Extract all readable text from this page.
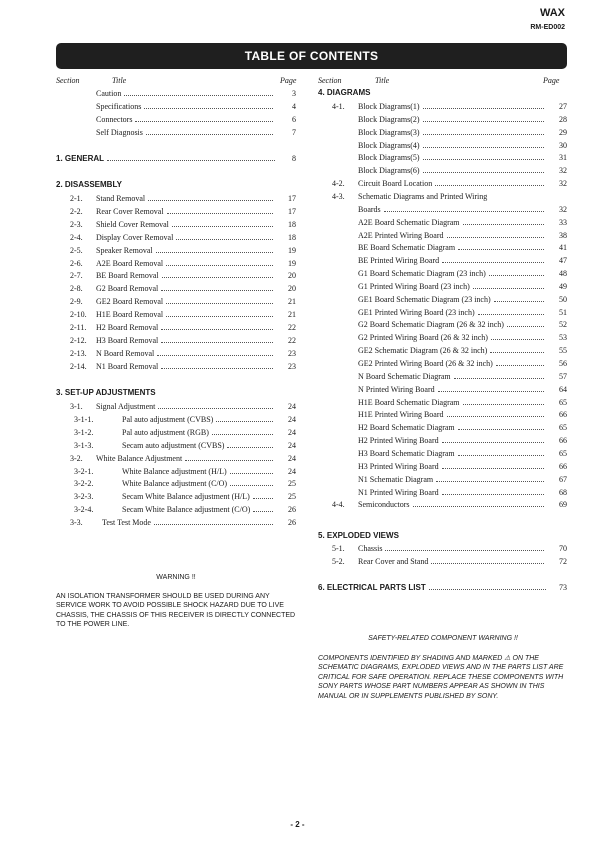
WAX
RM-ED002
TABLE OF CONTENTS
Section	Title	Page	Section	Title	Page
Caution	3
Specifications	4
Connectors	6
Self Diagnosis	7
1. GENERAL	8
2. DISASSEMBLY
2-1. Stand Removal	17
2-2. Rear Cover Removal	17
2-3. Shield Cover Removal	18
2-4. Display Cover Removal	18
2-5. Speaker Removal	19
2-6. A2E Board Removal	19
2-7. BE Board Removal	20
2-8. G2 Board Removal	20
2-9. GE2 Board Removal	21
2-10. H1E Board Removal	21
2-11. H2 Board Removal	22
2-12. H3 Board Removal	22
2-13. N Board Removal	23
2-14. N1 Board Removal	23
3. SET-UP ADJUSTMENTS
3-1. Signal Adjustment	24
3-1-1.	Pal auto adjustment (CVBS)	24
3-1-2.	Pal auto adjustment (RGB)	24
3-1-3.	Secam auto adjustment (CVBS)	24
3-2. White Balance Adjustment	24
3-2-1.	White Balance adjustment (H/L)	24
3-2-2.	White Balance adjustment (C/O)	25
3-2-3.	Secam White Balance adjustment (H/L)	25
3-2-4.	Secam White Balance adjustment (C/O)	26
3-3. Test Test Mode	26
4. DIAGRAMS
4-1. Block Diagrams(1)	27
Block Diagrams(2)	28
Block Diagrams(3)	29
Block Diagrams(4)	30
Block Diagrams(5)	31
Block Diagrams(6)	32
4-2. Circuit Board Location	32
4-3. Schematic Diagrams and Printed Wiring
Boards	32
A2E Board Schematic Diagram	33
A2E Printed Wiring Board	38
BE Board Schematic Diagram	41
BE Printed Wiring Board	47
G1 Board Schematic Diagram (23 inch)	48
G1 Printed Wiring Board (23 inch)	49
GE1 Board Schematic Diagram (23 inch)	50
GE1 Printed Wiring Board (23 inch)	51
G2 Board Schematic Diagram (26 & 32 inch)	52
G2 Printed Wiring Board (26 & 32 inch)	53
GE2 Schematic Diagram (26 & 32 inch)	55
GE2 Printed Wiring Board (26 & 32 inch)	56
N Board Schematic Diagram	57
N Printed Wiring Board	64
H1E Board Schematic Diagram	65
H1E Printed Wiring Board	66
H2 Board Schematic Diagram	65
H2 Printed Wiring Board	66
H3 Board Schematic Diagram	65
H3 Printed Wiring Board	66
N1 Schematic Diagram	67
N1 Printed Wiring Board	68
4-4. Semiconductors	69
5. EXPLODED VIEWS
5-1. Chassis	70
5-2. Rear Cover and Stand	72
6. ELECTRICAL PARTS LIST	73
WARNING !!
AN ISOLATION TRANSFORMER SHOULD BE USED DURING ANY SERVICE WORK TO AVOID POSSIBLE SHOCK HAZARD DUE TO LIVE CHASSIS, THE CHASSIS OF THIS RECEIVER IS DIRECTLY CONNECTED TO THE POWER LINE.
SAFETY-RELATED COMPONENT WARNING !!
COMPONENTS IDENTIFIED BY SHADING AND MARKED ⚠ ON THE SCHEMATIC DIAGRAMS, EXPLODED VIEWS AND IN THE PARTS LIST ARE CRITICAL FOR SAFE OPERATION. REPLACE THESE COMPONENTS WITH SONY PARTS WHOSE PART NUMBERS APPEAR AS SHOWN IN THIS MANUAL OR IN SUPPLEMENTS PUBLISHED BY SONY.
- 2 -
